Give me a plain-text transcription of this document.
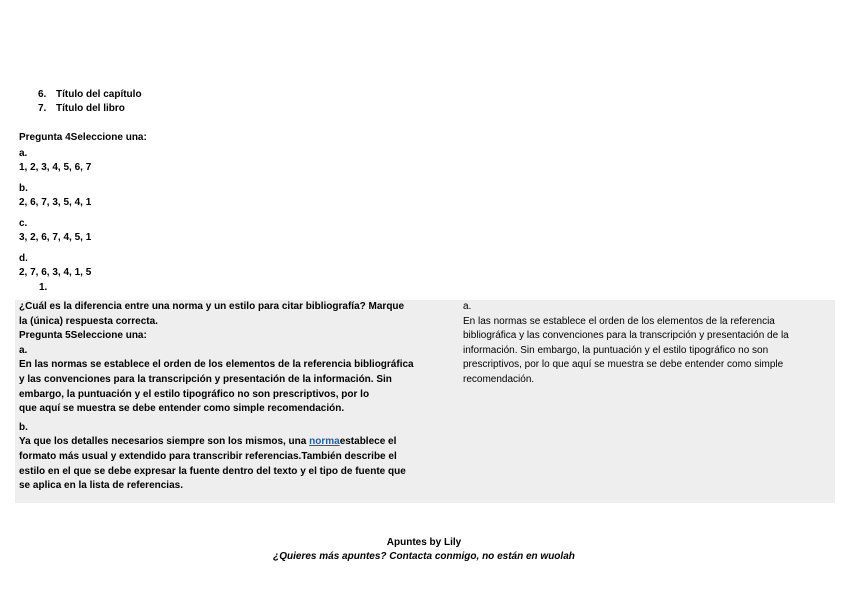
6. Título del capítulo
7. Título del libro
Pregunta 4Seleccione una:
a.
1, 2, 3, 4, 5, 6, 7
b.
2, 6, 7, 3, 5, 4, 1
c.
3, 2, 6, 7, 4, 5, 1
d.
2, 7, 6, 3, 4, 1, 5
1.
¿Cuál es la diferencia entre una norma y un estilo para citar bibliografía? Marque
la (única) respuesta correcta.
Pregunta 5Seleccione una:
a.
En las normas se establece el orden de los elementos de la referencia bibliográfica
y las convenciones para la transcripción y presentación de la información. Sin
embargo, la puntuación y el estilo tipográfico no son prescriptivos, por lo
que aquí se muestra se debe entender como simple recomendación.
b.
Ya que los detalles necesarios siempre son los mismos, una normaestablece el
formato más usual y extendido para transcribir referencias.También describe el
estilo en el que se debe expresar la fuente dentro del texto y el tipo de fuente que
se aplica en la lista de referencias.
a.
En las normas se establece el orden de los elementos de la referencia
bibliográfica y las convenciones para la transcripción y presentación de la
información. Sin embargo, la puntuación y el estilo tipográfico no son
prescriptivos, por lo que aquí se muestra se debe entender como simple
recomendación.
Apuntes by Lily
¿Quieres más apuntes? Contacta conmigo, no están en wuolah
